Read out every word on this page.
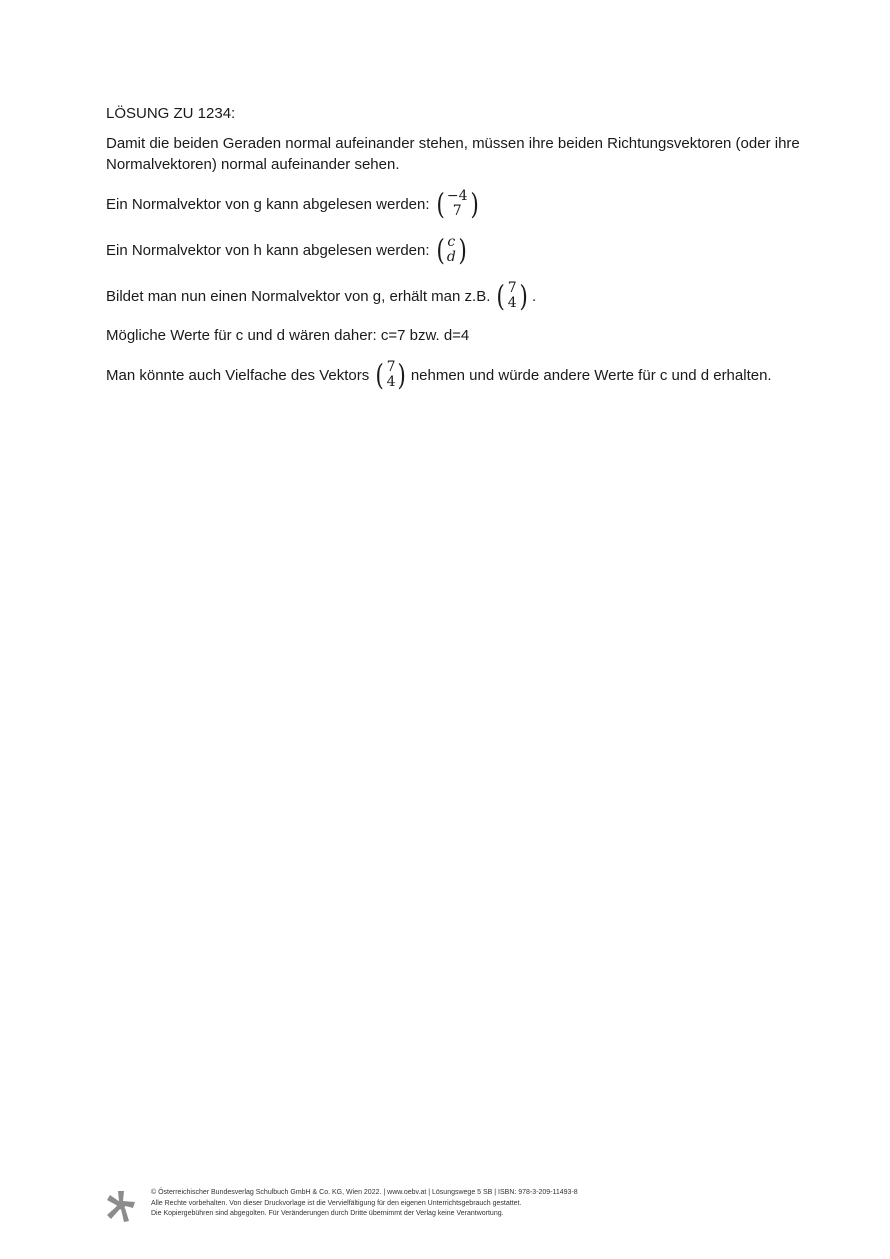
LÖSUNG ZU 1234:
Damit die beiden Geraden normal aufeinander stehen, müssen ihre beiden Richtungsvektoren (oder ihre Normalvektoren) normal aufeinander sehen.
Ein Normalvektor von g kann abgelesen werden: ( −4
7 )
Ein Normalvektor von h kann abgelesen werden: ( c
d )
Bildet man nun einen Normalvektor von g, erhält man z.B. ( 7
4 ) .
Mögliche Werte für c und d wären daher: c=7 bzw. d=4
Man könnte auch Vielfache des Vektors ( 7
4 ) nehmen und würde andere Werte für c und d erhalten.
© Österreichischer Bundesverlag Schulbuch GmbH & Co. KG, Wien 2022. | www.oebv.at | Lösungswege 5 SB | ISBN: 978-3-209-11493-8
Alle Rechte vorbehalten. Von dieser Druckvorlage ist die Vervielfältigung für den eigenen Unterrichtsgebrauch gestattet.
Die Kopiergebühren sind abgegolten. Für Veränderungen durch Dritte übernimmt der Verlag keine Verantwortung.
